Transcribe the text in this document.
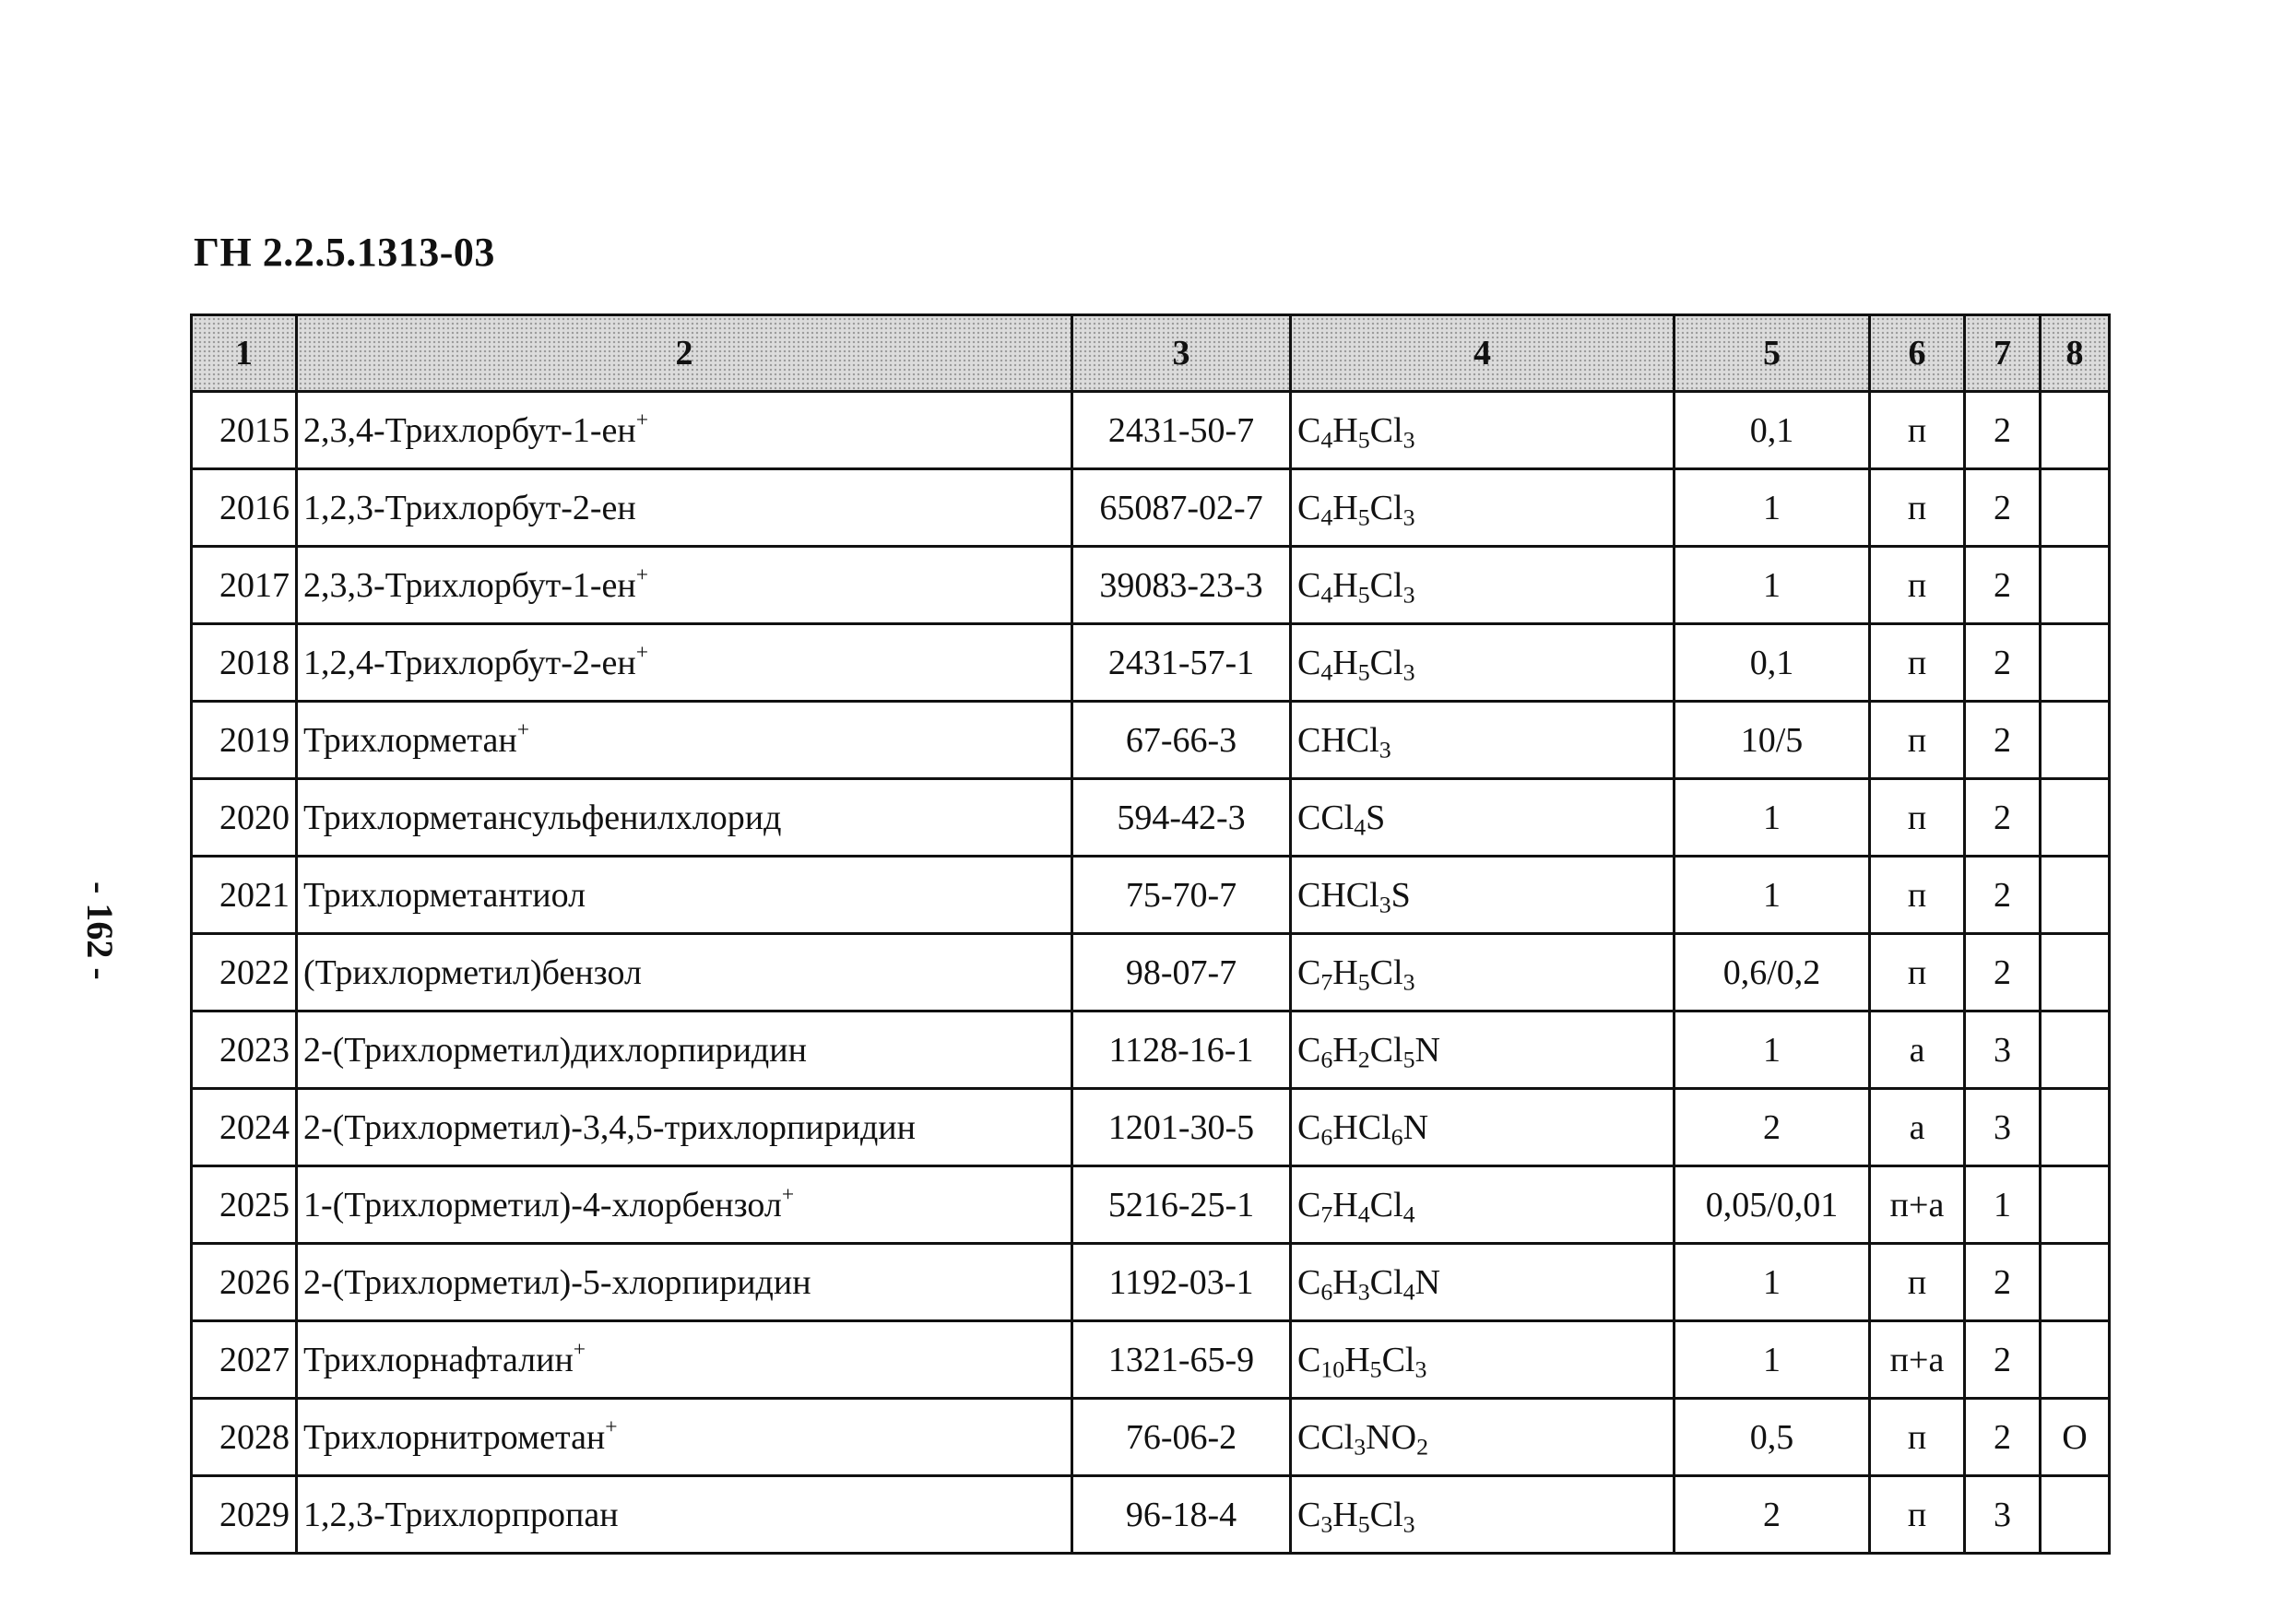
ГН 2.2.5.1313-03
- 162 -
1	2	3	4	5	6	7	8
2015	2,3,4-Трихлорбут-1-ен+	2431-50-7	$C_4H_5Cl_3$	0,1	п	2	
2016	1,2,3-Трихлорбут-2-ен	65087-02-7	$C_4H_5Cl_3$	1	п	2	
2017	2,3,3-Трихлорбут-1-ен+	39083-23-3	$C_4H_5Cl_3$	1	п	2	
2018	1,2,4-Трихлорбут-2-ен+	2431-57-1	$C_4H_5Cl_3$	0,1	п	2	
2019	Трихлорметан+	67-66-3	CHCl$_3$	10/5	п	2	
2020	Трихлорметансульфенилхлорид	594-42-3	CCl$_4$S	1	п	2	
2021	Трихлорметантиол	75-70-7	CHCl$_3$S	1	п	2	
2022	(Трихлорметил)бензол	98-07-7	$C_7H_5Cl_3$	0,6/0,2	п	2	
2023	2-(Трихлорметил)дихлорпиридин	1128-16-1	$C_6H_2Cl_5N$	1	а	3	
2024	2-(Трихлорметил)-3,4,5-трихлорпиридин	1201-30-5	$C_6HCl_6N$	2	а	3	
2025	1-(Трихлорметил)-4-хлорбензол+	5216-25-1	$C_7H_4Cl_4$	0,05/0,01	п+а	1	
2026	2-(Трихлорметил)-5-хлорпиридин	1192-03-1	$C_6H_3Cl_4N$	1	п	2	
2027	Трихлорнафталин+	1321-65-9	$C_{10}H_5Cl_3$	1	п+а	2	
2028	Трихлорнитрометан+	76-06-2	$CCl_3NO_2$	0,5	п	2	О
2029	1,2,3-Трихлорпропан	96-18-4	$C_3H_5Cl_3$	2	п	3	
